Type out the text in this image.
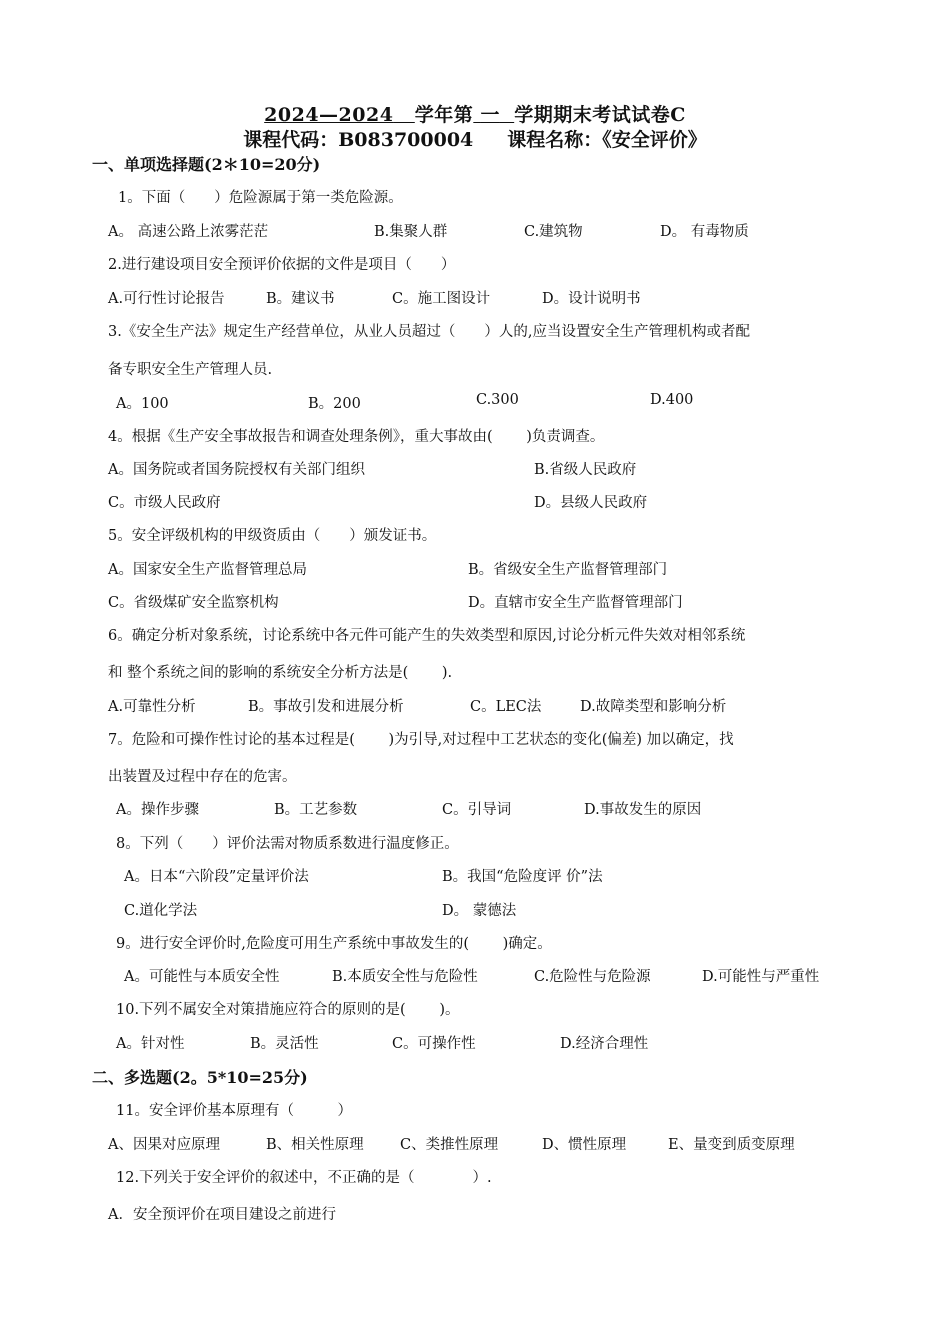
2024—2024 学年第 一 学期期末考试试卷C
课程代码：B083700004 课程名称：《安全评价》
一、单项选择题(2＊10=20分)
1。下面（　　）危险源属于第一类危险源。
A。 高速公路上浓雾茫茫	B.集聚人群	C.建筑物	D。 有毒物质
2.进行建设项目安全预评价依据的文件是项目（　　）
A.可行性讨论报告	B。建议书	C。施工图设计	D。设计说明书
3.《安全生产法》规定生产经营单位，从业人员超过（　　）人的,应当设置安全生产管理机构或者配
备专职安全生产管理人员.
A。100	B。200	C.300	D.400
4。根据《生产安全事故报告和调查处理条例》，重大事故由(　　 )负责调查。
A。国务院或者国务院授权有关部门组织	B.省级人民政府
C。市级人民政府	D。县级人民政府
5。安全评级机构的甲级资质由（　　）颁发证书。
A。国家安全生产监督管理总局	B。省级安全生产监督管理部门
C。省级煤矿安全监察机构	D。直辖市安全生产监督管理部门
6。确定分析对象系统，讨论系统中各元件可能产生的失效类型和原因,讨论分析元件失效对相邻系统
和 整个系统之间的影响的系统安全分析方法是(　　 ).
A.可靠性分析	B。事故引发和进展分析	C。LEC法	D.故障类型和影响分析
7。危险和可操作性讨论的基本过程是(　　 )为引导,对过程中工艺状态的变化(偏差) 加以确定，找
出装置及过程中存在的危害。
A。操作步骤	B。工艺参数	C。引导词	D.事故发生的原因
8。下列（　　）评价法需对物质系数进行温度修正。
A。日本“六阶段”定量评价法	B。我国“危险度评 价”法
C.道化学法	D。 蒙德法
9。进行安全评价时,危险度可用生产系统中事故发生的(　　 )确定。
A。可能性与本质安全性	B.本质安全性与危险性	C.危险性与危险源	D.可能性与严重性
10.下列不属安全对策措施应符合的原则的是(　　 )。
A。针对性	B。灵活性	C。可操作性	D.经济合理性
二、多选题(2。5*10=25分)
11。安全评价基本原理有（　　　）
A、因果对应原理	B、相关性原理	C、类推性原理	D、惯性原理	E、量变到质变原理
12.下列关于安全评价的叙述中，不正确的是（　　　　）.
A．安全预评价在项目建设之前进行
